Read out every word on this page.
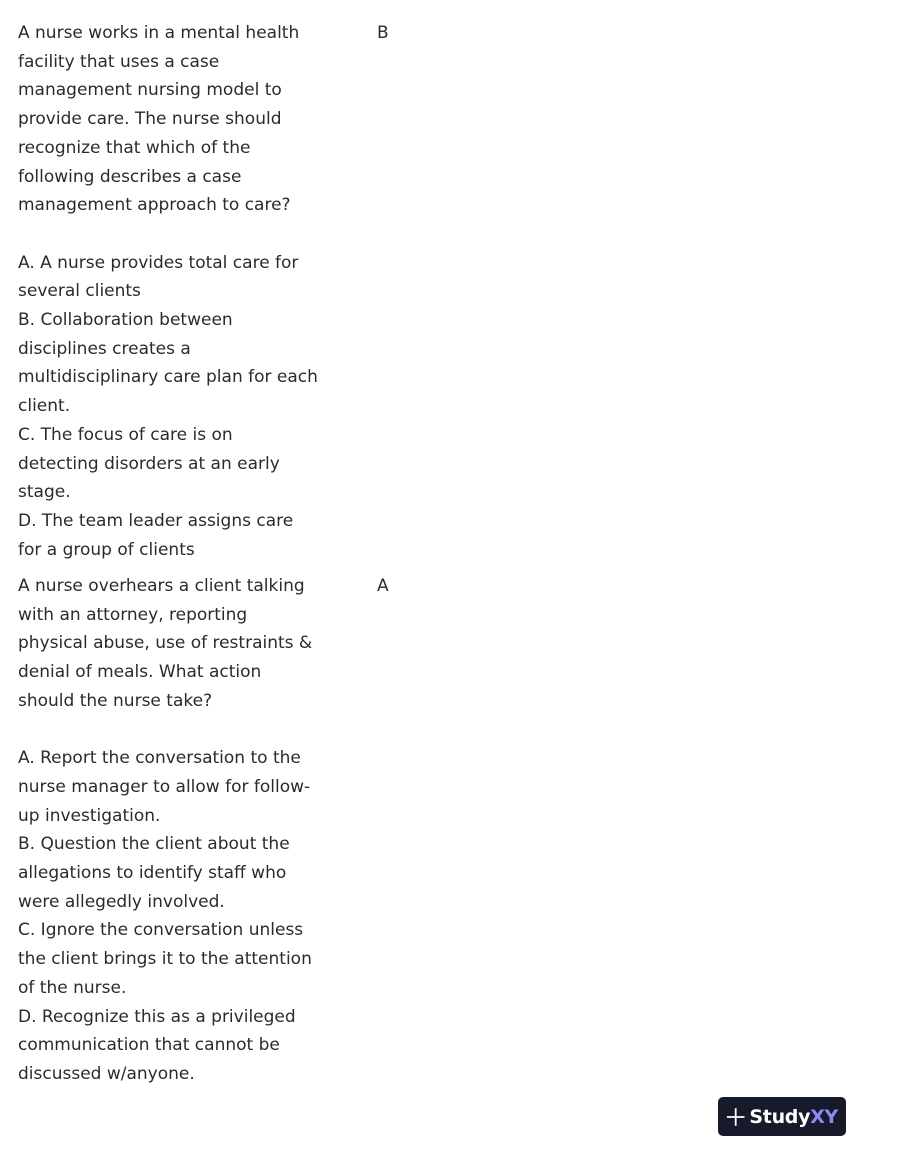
A nurse works in a mental health facility that uses a case management nursing model to provide care. The nurse should recognize that which of the following describes a case management approach to care?

A. A nurse provides total care for several clients

B. Collaboration between disciplines creates a multidisciplinary care plan for each client.

C. The focus of care is on detecting disorders at an early stage.

D. The team leader assigns care for a group of clients

B

A nurse overhears a client talking with an attorney, reporting physical abuse, use of restraints & denial of meals. What action should the nurse take?

A. Report the conversation to the nurse manager to allow for follow-up investigation.

B. Question the client about the allegations to identify staff who were allegedly involved.

C. Ignore the conversation unless the client brings it to the attention of the nurse.

D. Recognize this as a privileged communication that cannot be discussed w/anyone.

A
StudyXY
